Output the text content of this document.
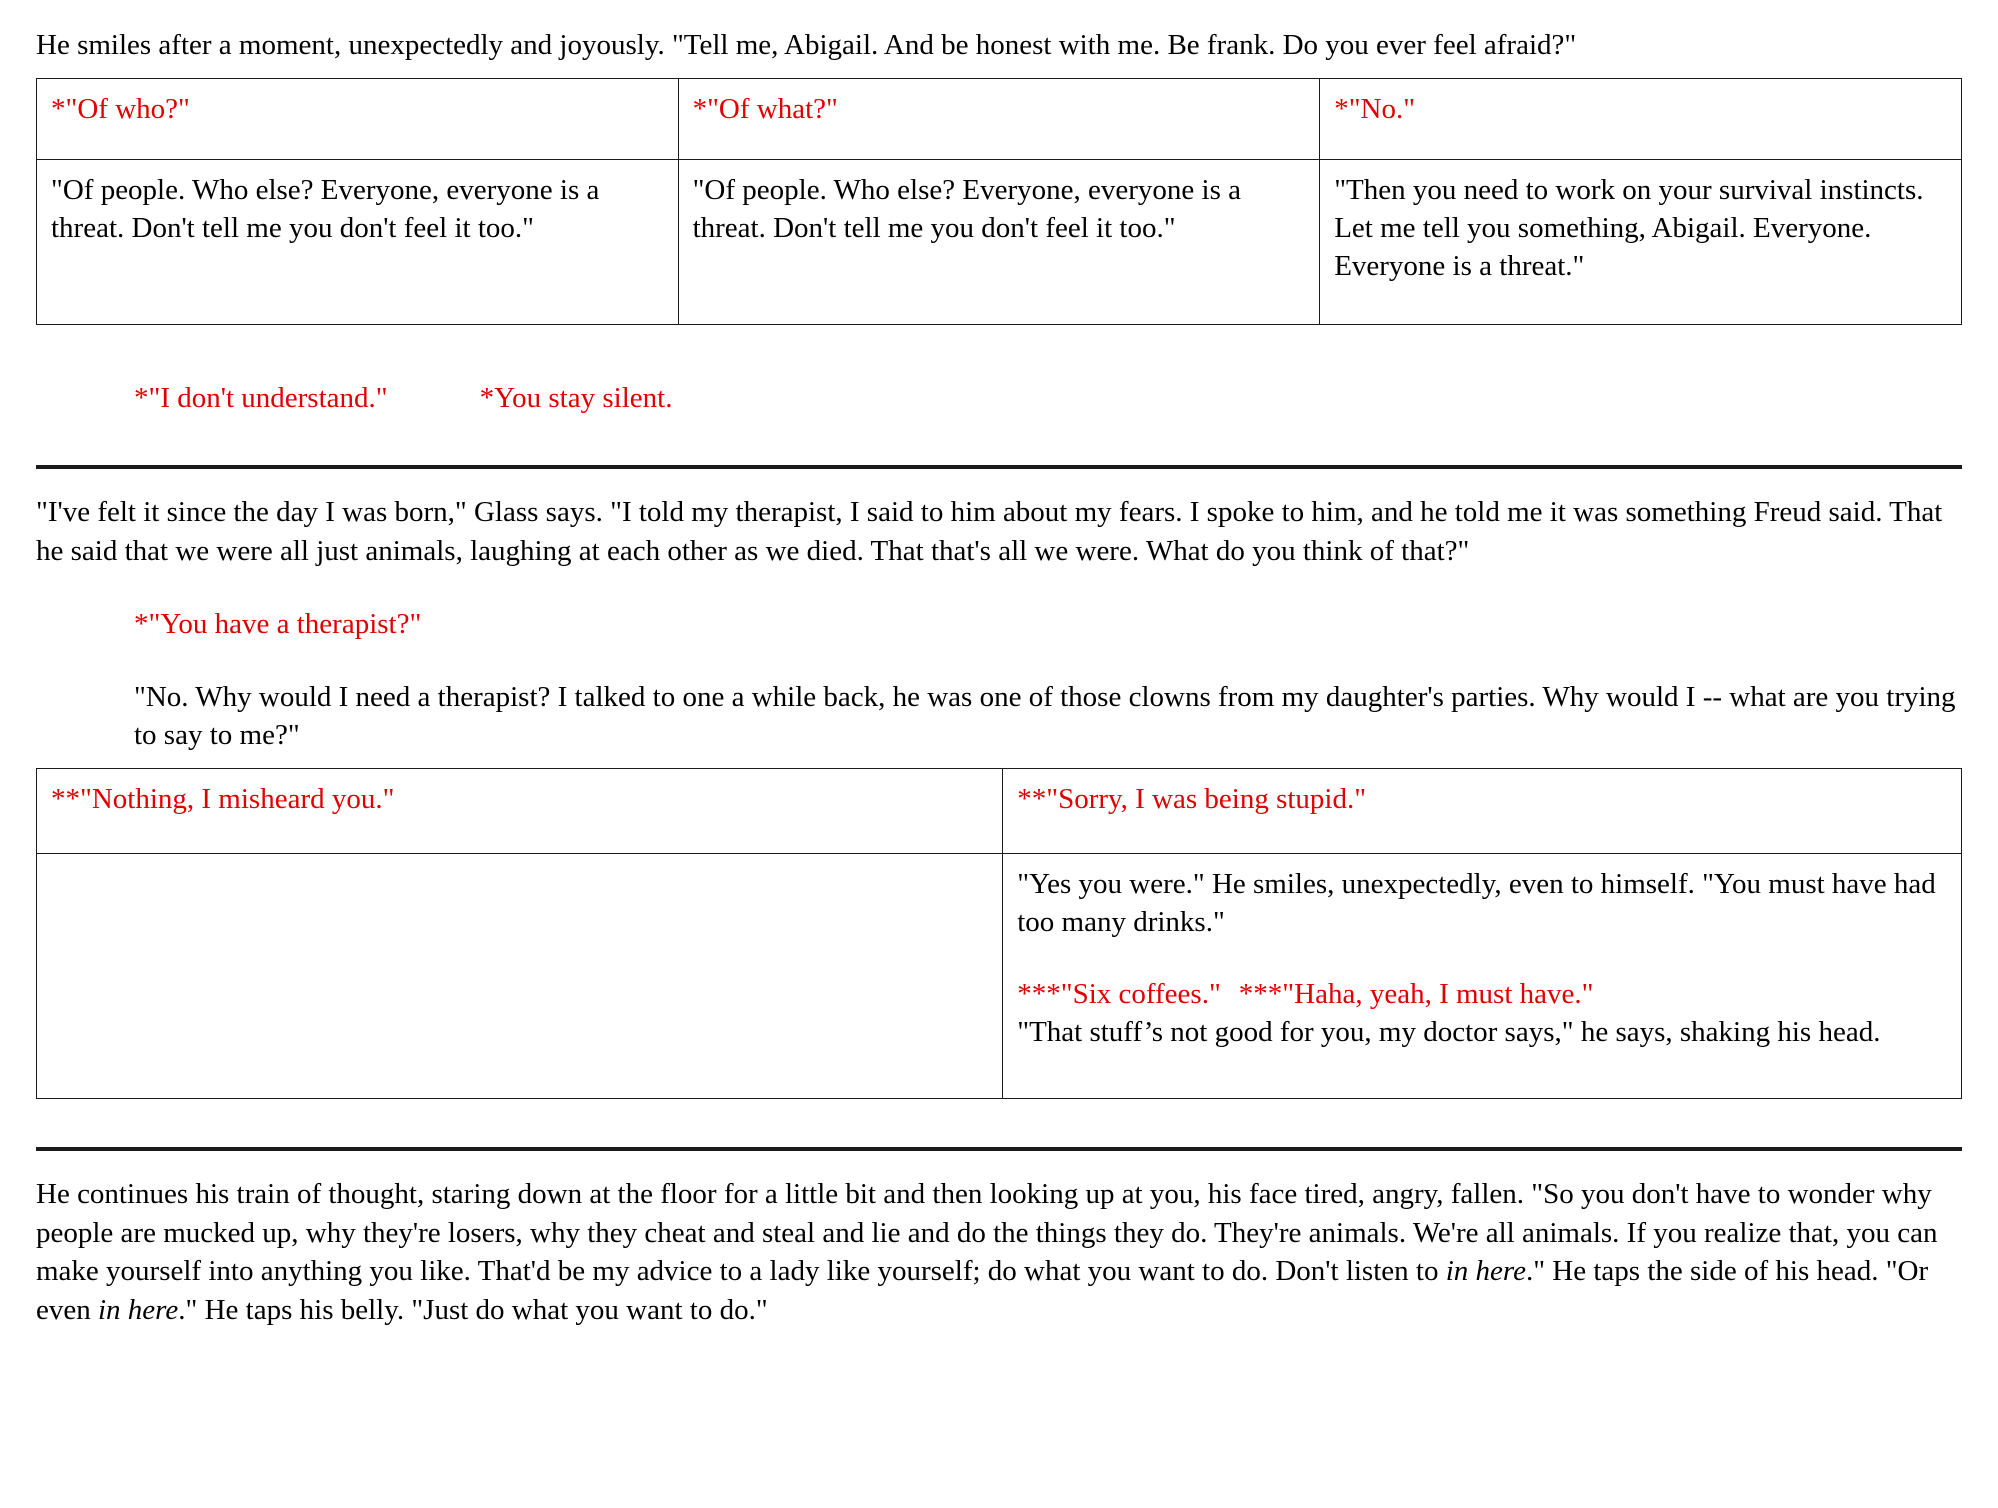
He smiles after a moment, unexpectedly and joyously. "Tell me, Abigail. And be honest with me. Be frank. Do you ever feel afraid?"

*"Of who?"	*"Of what?"	*"No."
"Of people. Who else? Everyone, everyone is a threat. Don't tell me you don't feel it too."	"Of people. Who else? Everyone, everyone is a threat. Don't tell me you don't feel it too."	"Then you need to work on your survival instincts. Let me tell you something, Abigail. Everyone. Everyone is a threat."
*"I don't understand."	*You stay silent.

"I've felt it since the day I was born," Glass says. "I told my therapist, I said to him about my fears. I spoke to him, and he told me it was something Freud said. That he said that we were all just animals, laughing at each other as we died. That that's all we were. What do you think of that?"

*"You have a therapist?"

"No. Why would I need a therapist? I talked to one a while back, he was one of those clowns from my daughter's parties. Why would I -- what are you trying to say to me?"

**"Nothing, I misheard you."	**"Sorry, I was being stupid."

	"Yes you were." He smiles, unexpectedly, even to himself. "You must have had too many drinks."
***"Six coffees." ***"Haha, yeah, I must have."
"That stuff’s not good for you, my doctor says," he says, shaking his head.

He continues his train of thought, staring down at the floor for a little bit and then looking up at you, his face tired, angry, fallen. "So you don't have to wonder why people are mucked up, why they're losers, why they cheat and steal and lie and do the things they do. They're animals. We're all animals. If you realize that, you can make yourself into anything you like. That'd be my advice to a lady like yourself; do what you want to do. Don't listen to in here." He taps the side of his head. "Or even in here." He taps his belly. "Just do what you want to do."
